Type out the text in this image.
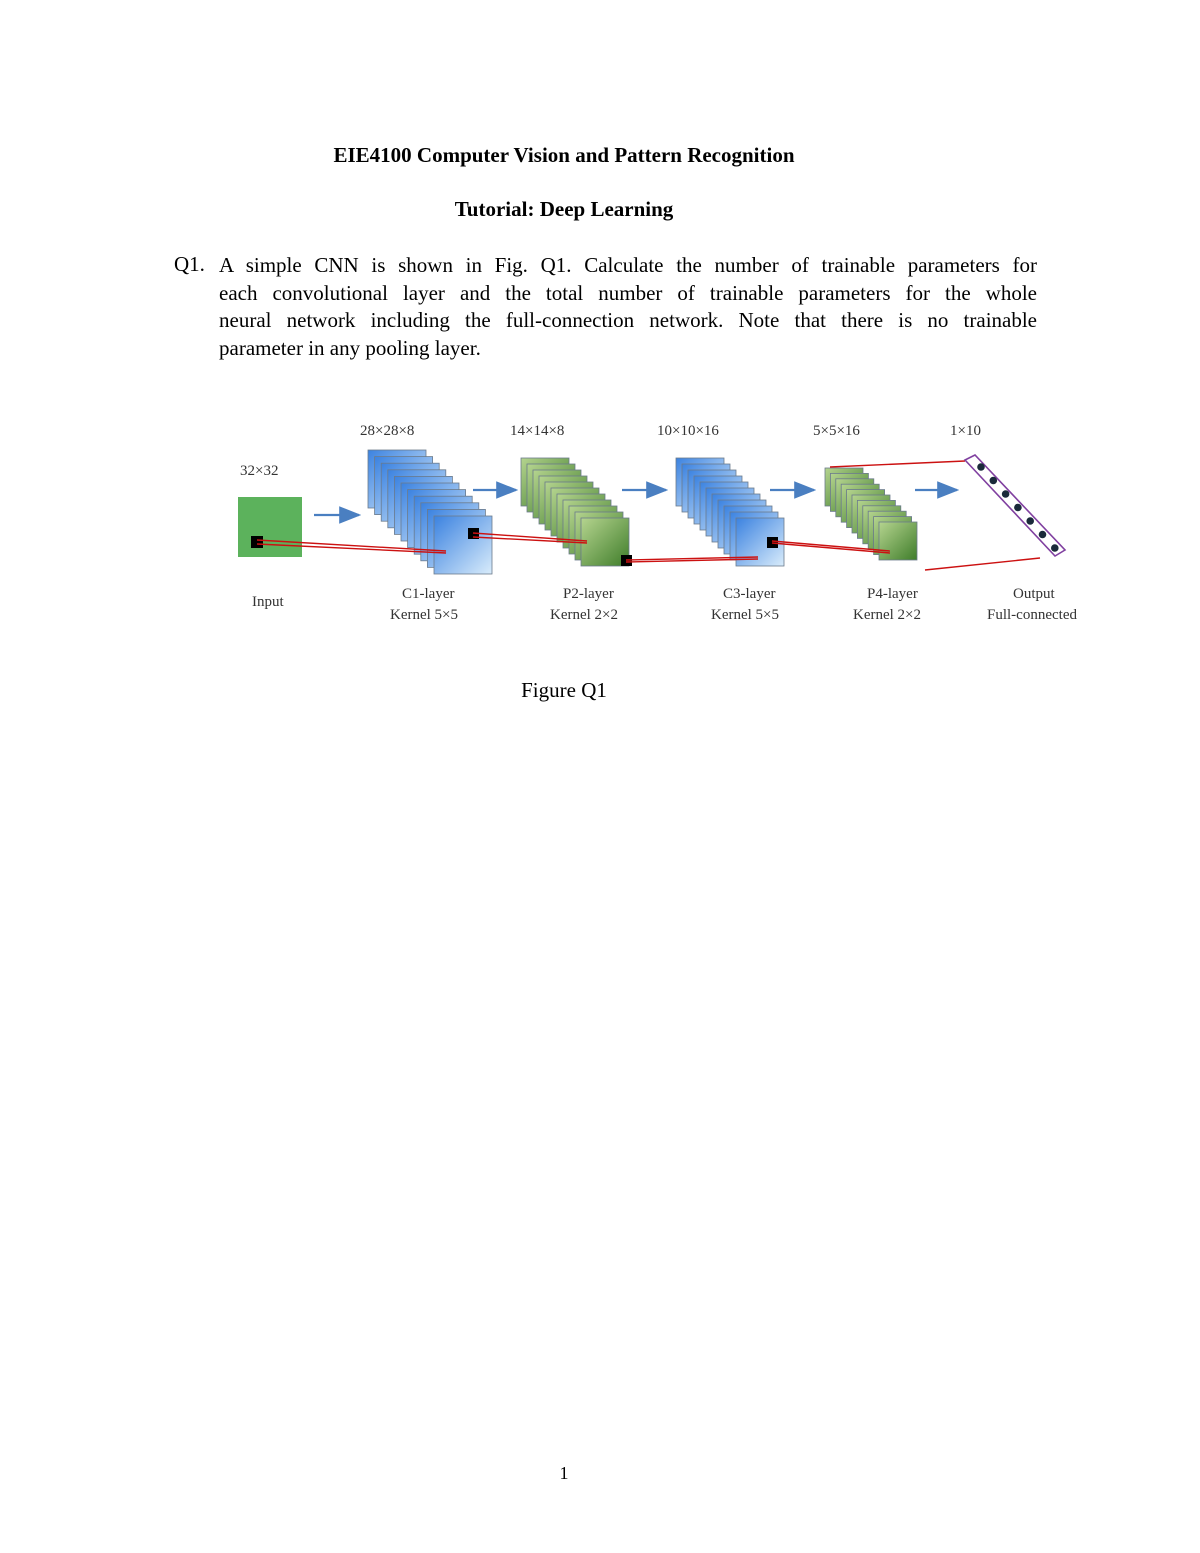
EIE4100 Computer Vision and Pattern Recognition
Tutorial: Deep Learning
Q1. A simple CNN is shown in Fig. Q1. Calculate the number of trainable parameters for
each convolutional layer and the total number of trainable parameters for the whole
neural network including the full-connection network. Note that there is no trainable
parameter in any pooling layer.
32×32
28×28×8	14×14×8	10×10×16	5×5×16	1×10
Input	C1-layer
Kernel 5×5
P2-layer
Kernel 2×2
C3-layer
Kernel 5×5
P4-layer
Kernel 2×2
Output
Full-connected
Figure Q1
1
